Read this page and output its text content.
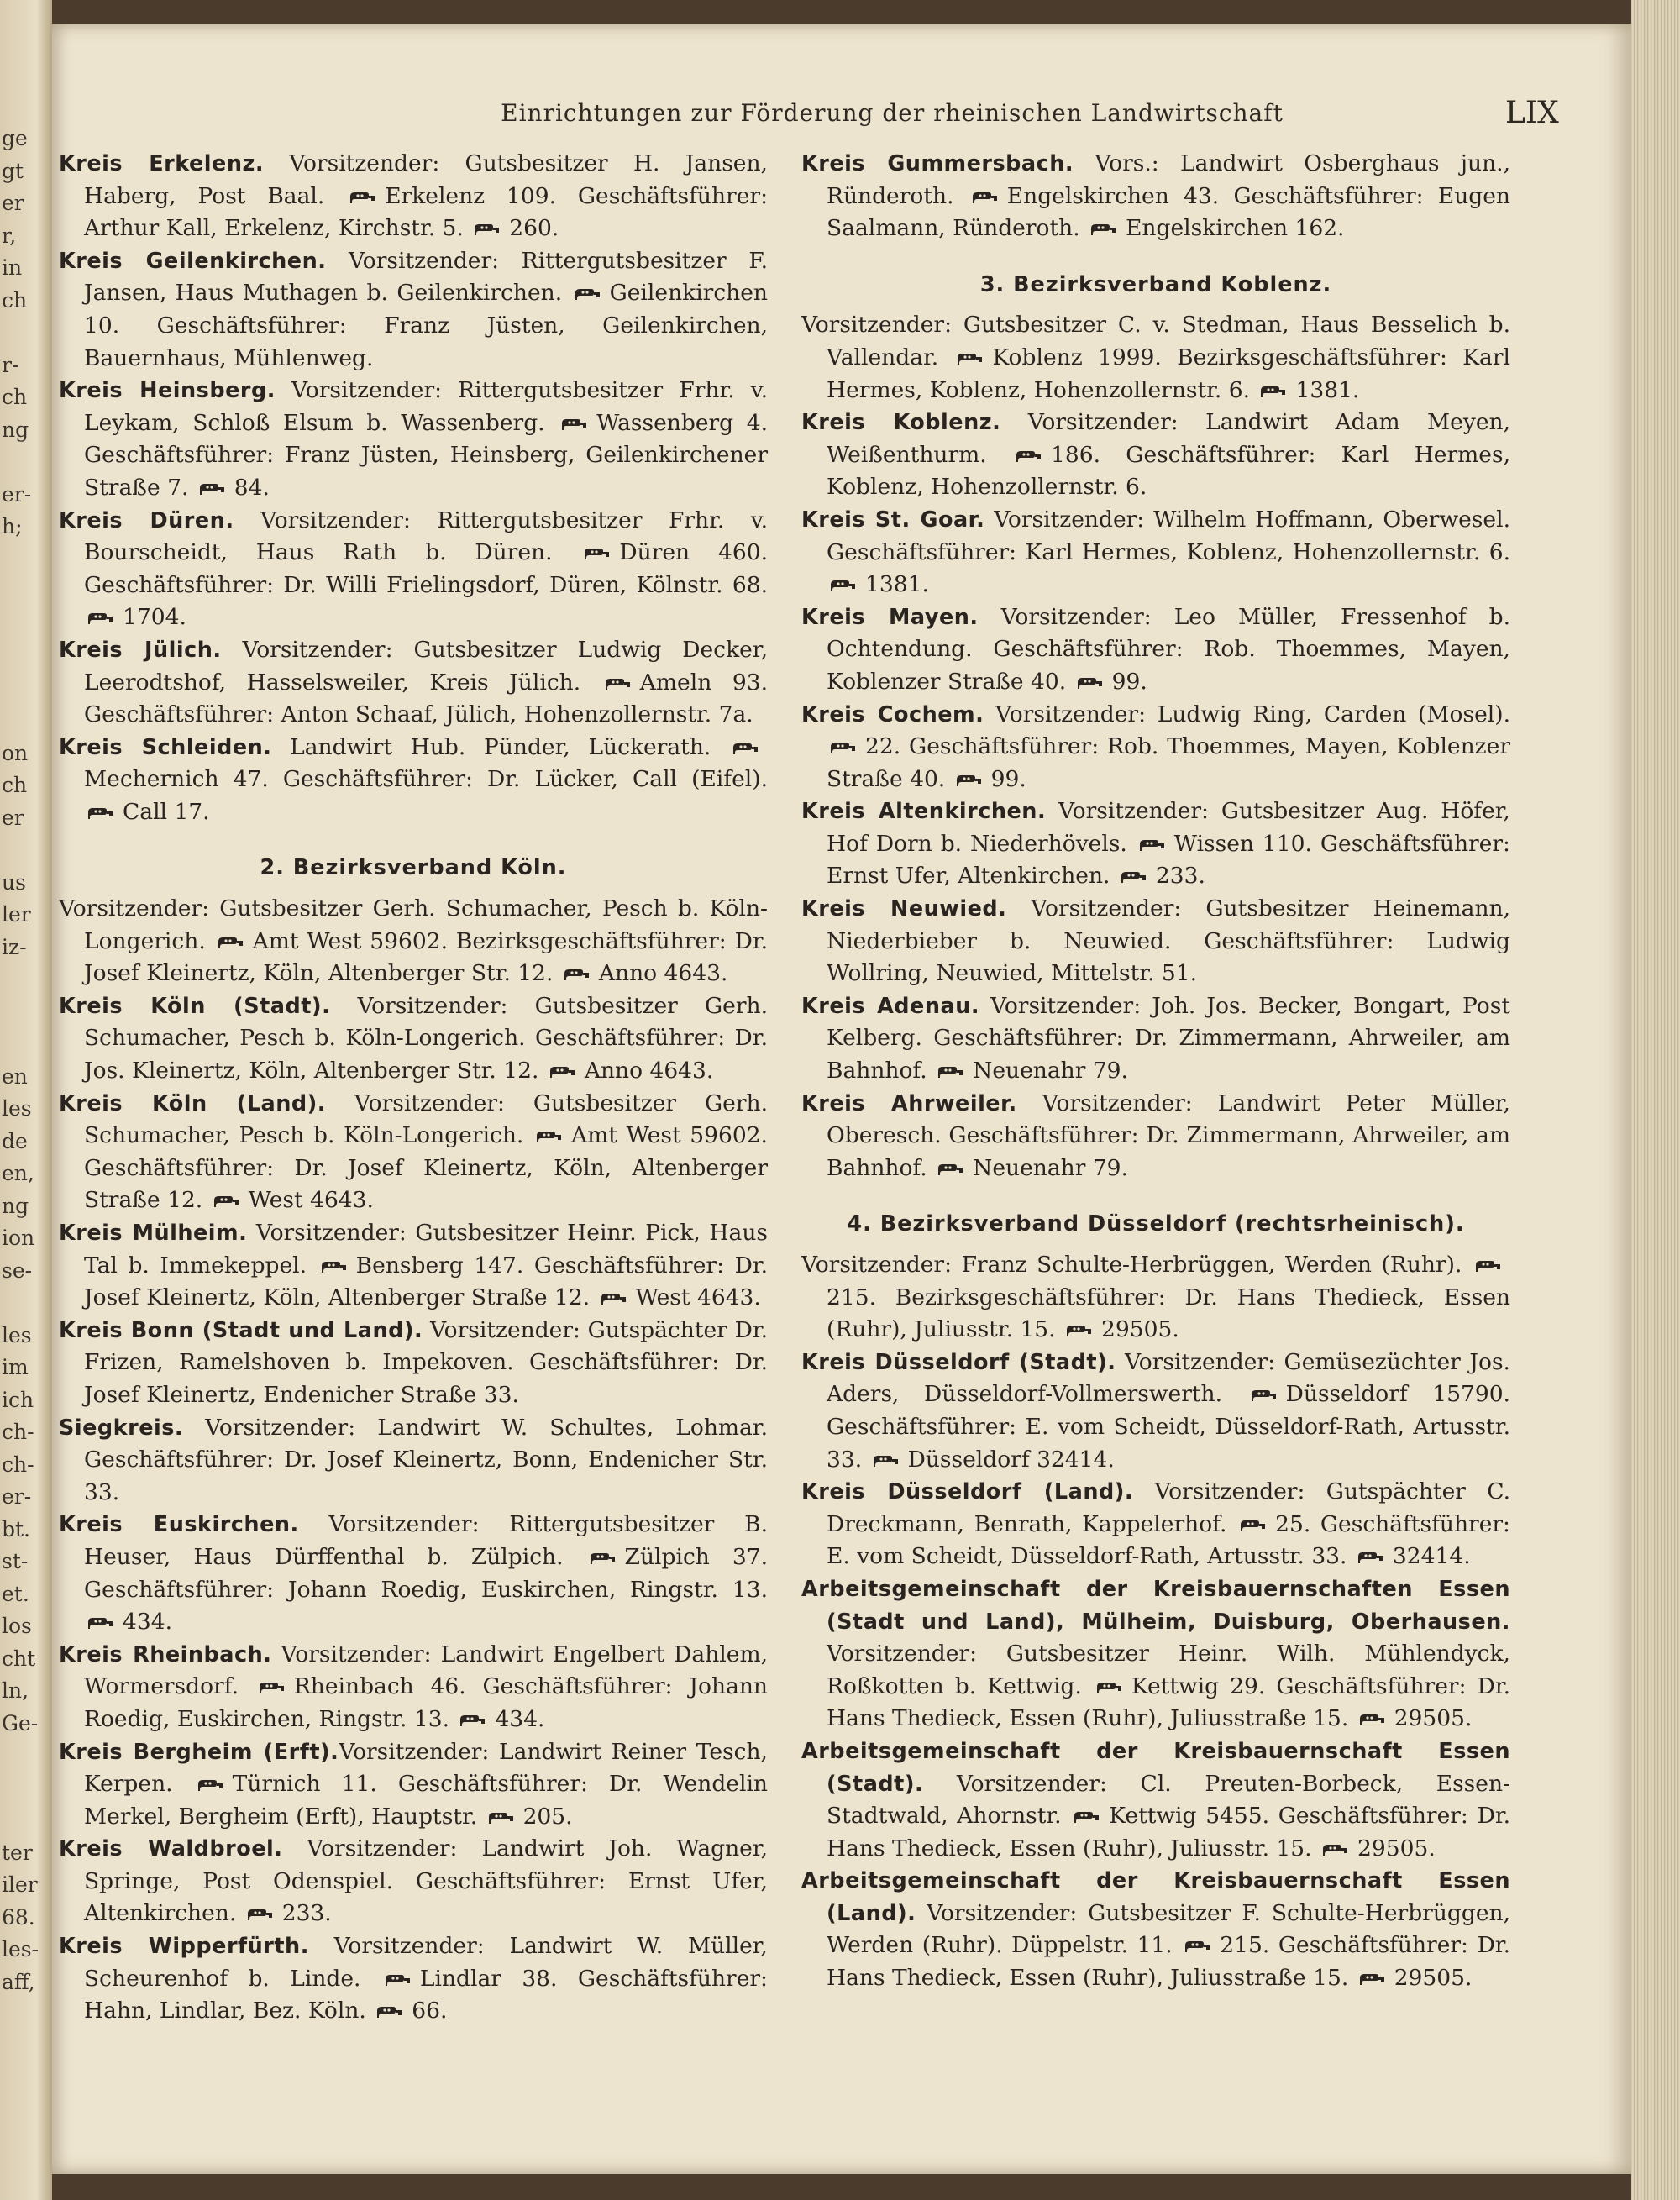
ge
gt
er
r,
in
ch
r-
ch
ng
er-
h;
on
ch
er
us
ler
iz-
en
les
de
en,
ng
ion
se-
les
im
ich
ch-
ch-
er-
bt.
st-
et.
los
cht
ln,
Ge-
ter
iler
68.
les-
aff,
Einrichtungen zur Förderung der rheinischen Landwirtschaft	LIX

Kreis Erkelenz. Vorsitzender: Gutsbesitzer H. Jansen, Haberg, Post Baal.
Erkelenz 109. Geschäftsführer: Arthur Kall, Erkelenz, Kirchstr. 5.
260.

Kreis Geilenkirchen. Vorsitzender: Rittergutsbesitzer F. Jansen, Haus Muthagen b. Geilenkirchen.
Geilenkirchen 10. Geschäftsführer: Franz Jüsten, Geilenkirchen, Bauernhaus, Mühlenweg.

Kreis Heinsberg. Vorsitzender: Rittergutsbesitzer Frhr. v. Leykam, Schloß Elsum b. Wassenberg.
Wassenberg 4. Geschäftsführer: Franz Jüsten, Heinsberg, Geilenkirchener Straße 7.
84.

Kreis Düren. Vorsitzender: Rittergutsbesitzer Frhr. v. Bourscheidt, Haus Rath b. Düren.
Düren 460. Geschäftsführer: Dr. Willi Frielingsdorf, Düren, Kölnstr. 68.
1704.

Kreis Jülich. Vorsitzender: Gutsbesitzer Ludwig Decker, Leerodtshof, Hasselsweiler, Kreis Jülich.
Ameln 93. Geschäftsführer: Anton Schaaf, Jülich, Hohenzollernstr. 7a.

Kreis Schleiden. Landwirt Hub. Pünder, Lückerath.
Mechernich 47. Geschäftsführer: Dr. Lücker, Call (Eifel).
Call 17.

2. Bezirksverband Köln.

Vorsitzender: Gutsbesitzer Gerh. Schumacher, Pesch b. Köln-Longerich.
Amt West 59602. Bezirksgeschäftsführer: Dr. Josef Kleinertz, Köln, Altenberger Str. 12.
Anno 4643.

Kreis Köln (Stadt). Vorsitzender: Gutsbesitzer Gerh. Schumacher, Pesch b. Köln-Longerich. Geschäftsführer: Dr. Jos. Kleinertz, Köln, Altenberger Str. 12.
Anno 4643.

Kreis Köln (Land). Vorsitzender: Gutsbesitzer Gerh. Schumacher, Pesch b. Köln-Longerich.
Amt West 59602. Geschäftsführer: Dr. Josef Kleinertz, Köln, Altenberger Straße 12.
West 4643.

Kreis Mülheim. Vorsitzender: Gutsbesitzer Heinr. Pick, Haus Tal b. Immekeppel.
Bensberg 147. Geschäftsführer: Dr. Josef Kleinertz, Köln, Altenberger Straße 12.
West 4643.

Kreis Bonn (Stadt und Land). Vorsitzender: Gutspächter Dr. Frizen, Ramelshoven b. Impekoven. Geschäftsführer: Dr. Josef Kleinertz, Endenicher Straße 33.

Siegkreis. Vorsitzender: Landwirt W. Schultes, Lohmar. Geschäftsführer: Dr. Josef Kleinertz, Bonn, Endenicher Str. 33.

Kreis Euskirchen. Vorsitzender: Rittergutsbesitzer B. Heuser, Haus Dürffenthal b. Zülpich.
Zülpich 37. Geschäftsführer: Johann Roedig, Euskirchen, Ringstr. 13.
434.

Kreis Rheinbach. Vorsitzender: Landwirt Engelbert Dahlem, Wormersdorf.
Rheinbach 46. Geschäftsführer: Johann Roedig, Euskirchen, Ringstr. 13.
434.

Kreis Bergheim (Erft).Vorsitzender: Landwirt Reiner Tesch, Kerpen.
Türnich 11. Geschäftsführer: Dr. Wendelin Merkel, Bergheim (Erft), Hauptstr.
205.

Kreis Waldbroel. Vorsitzender: Landwirt Joh. Wagner, Springe, Post Odenspiel. Geschäftsführer: Ernst Ufer, Altenkirchen.
233.

Kreis Wipperfürth. Vorsitzender: Landwirt W. Müller, Scheurenhof b. Linde.
Lindlar 38. Geschäftsführer: Hahn, Lindlar, Bez. Köln.
66.

Kreis Gummersbach. Vors.: Landwirt Osberghaus jun., Ründeroth.
Engelskirchen 43. Geschäftsführer: Eugen Saalmann, Ründeroth.
Engelskirchen 162.

3. Bezirksverband Koblenz.

Vorsitzender: Gutsbesitzer C. v. Stedman, Haus Besselich b. Vallendar.
Koblenz 1999. Bezirksgeschäftsführer: Karl Hermes, Koblenz, Hohenzollernstr. 6.
1381.

Kreis Koblenz. Vorsitzender: Landwirt Adam Meyen, Weißenthurm.
186. Geschäftsführer: Karl Hermes, Koblenz, Hohenzollernstr. 6.

Kreis St. Goar. Vorsitzender: Wilhelm Hoffmann, Oberwesel. Geschäftsführer: Karl Hermes, Koblenz, Hohenzollernstr. 6.
1381.

Kreis Mayen. Vorsitzender: Leo Müller, Fressenhof b. Ochtendung. Geschäftsführer: Rob. Thoemmes, Mayen, Koblenzer Straße 40.
99.

Kreis Cochem. Vorsitzender: Ludwig Ring, Carden (Mosel).
22. Geschäftsführer: Rob. Thoemmes, Mayen, Koblenzer Straße 40.
99.

Kreis Altenkirchen. Vorsitzender: Gutsbesitzer Aug. Höfer, Hof Dorn b. Niederhövels.
Wissen 110. Geschäftsführer: Ernst Ufer, Altenkirchen.
233.

Kreis Neuwied. Vorsitzender: Gutsbesitzer Heinemann, Niederbieber b. Neuwied. Geschäftsführer: Ludwig Wollring, Neuwied, Mittelstr. 51.

Kreis Adenau. Vorsitzender: Joh. Jos. Becker, Bongart, Post Kelberg. Geschäftsführer: Dr. Zimmermann, Ahrweiler, am Bahnhof.
Neuenahr 79.

Kreis Ahrweiler. Vorsitzender: Landwirt Peter Müller, Oberesch. Geschäftsführer: Dr. Zimmermann, Ahrweiler, am Bahnhof.
Neuenahr 79.

4. Bezirksverband Düsseldorf (rechtsrheinisch).

Vorsitzender: Franz Schulte-Herbrüggen, Werden (Ruhr).
215. Bezirksgeschäftsführer: Dr. Hans Thedieck, Essen (Ruhr), Juliusstr. 15.
29505.

Kreis Düsseldorf (Stadt). Vorsitzender: Gemüsezüchter Jos. Aders, Düsseldorf-Vollmerswerth.
Düsseldorf 15790. Geschäftsführer: E. vom Scheidt, Düsseldorf-Rath, Artusstr. 33.
Düsseldorf 32414.

Kreis Düsseldorf (Land). Vorsitzender: Gutspächter C. Dreckmann, Benrath, Kappelerhof.
25. Geschäftsführer: E. vom Scheidt, Düsseldorf-Rath, Artusstr. 33.
32414.

Arbeitsgemeinschaft der Kreisbauernschaften Essen (Stadt und Land), Mülheim, Duisburg, Oberhausen. Vorsitzender: Gutsbesitzer Heinr. Wilh. Mühlendyck, Roßkotten b. Kettwig.
Kettwig 29. Geschäftsführer: Dr. Hans Thedieck, Essen (Ruhr), Juliusstraße 15.
29505.

Arbeitsgemeinschaft der Kreisbauernschaft Essen (Stadt). Vorsitzender: Cl. Preuten-Borbeck, Essen-Stadtwald, Ahornstr.
Kettwig 5455. Geschäftsführer: Dr. Hans Thedieck, Essen (Ruhr), Juliusstr. 15.
29505.

Arbeitsgemeinschaft der Kreisbauernschaft Essen (Land). Vorsitzender: Gutsbesitzer F. Schulte-Herbrüggen, Werden (Ruhr). Düppelstr. 11.
215. Geschäftsführer: Dr. Hans Thedieck, Essen (Ruhr), Juliusstraße 15.
29505.
